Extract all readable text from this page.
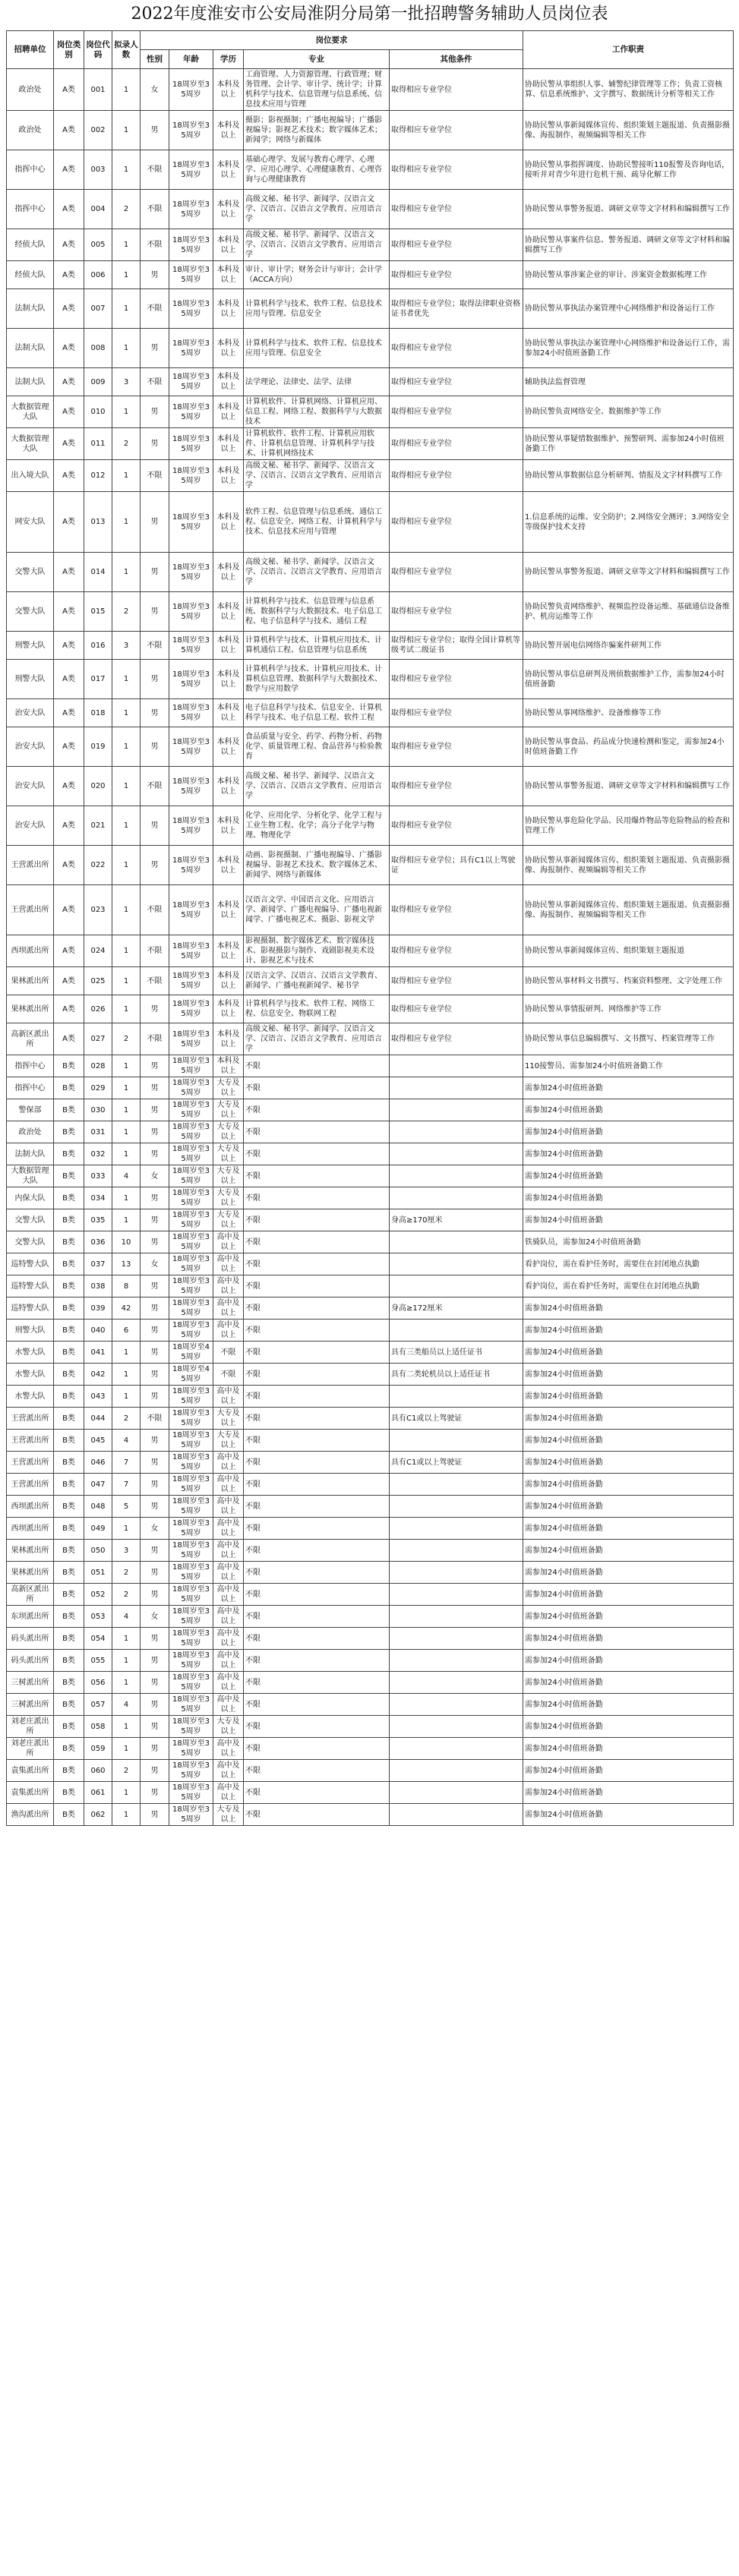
2022年度淮安市公安局淮阴分局第一批招聘警务辅助人员岗位表
招聘单位	岗位类别	岗位代码	拟录人数	岗位要求					工作职责
				性别	年龄	学历	专业	其他条件	
政治处	A类	001	1	女	18周岁至35周岁	本科及以上	工商管理、人力资源管理、行政管理；财务管理、会计学、审计学、统计学；计算机科学与技术、信息管理与信息系统、信息技术应用与管理	取得相应专业学位	协助民警从事组织人事、辅警纪律管理等工作；负责工资核算、信息系统维护、文字撰写、数据统计分析等相关工作
政治处	A类	002	1	男	18周岁至35周岁	本科及以上	摄影；影视摄制；广播电视编导；广播影视编导；影视艺术技术；数字媒体艺术；新闻学；网络与新媒体	取得相应专业学位	协助民警从事新闻媒体宣传、组织策划主题报道、负责摄影摄像、海报制作、视频编辑等相关工作
指挥中心	A类	003	1	不限	18周岁至35周岁	本科及以上	基础心理学、发展与教育心理学、心理学、应用心理学、心理健康教育、心理咨询与心理健康教育	取得相应专业学位	协助民警从事指挥调度、协助民警接听110报警及咨询电话，接听并对青少年进行危机干预、疏导化解工作
指挥中心	A类	004	2	不限	18周岁至35周岁	本科及以上	高级文秘、秘书学、新闻学、汉语言文学、汉语言、汉语言文学教育、应用语言学	取得相应专业学位	协助民警从事警务报道、调研文章等文字材料和编辑撰写工作
经侦大队	A类	005	1	不限	18周岁至35周岁	本科及以上	高级文秘、秘书学、新闻学、汉语言文学、汉语言、汉语言文学教育、应用语言学	取得相应专业学位	协助民警从事案件信息、警务报道、调研文章等文字材料和编辑撰写工作
经侦大队	A类	006	1	男	18周岁至35周岁	本科及以上	审计、审计学；财务会计与审计；会计学（ACCA方向）	取得相应专业学位	协助民警从事涉案企业的审计、涉案资金数据梳理工作
法制大队	A类	007	1	不限	18周岁至35周岁	本科及以上	计算机科学与技术、软件工程、信息技术应用与管理、信息安全	取得相应专业学位；取得法律职业资格证书者优先	协助民警从事执法办案管理中心网络维护和设备运行工作
法制大队	A类	008	1	男	18周岁至35周岁	本科及以上	计算机科学与技术、软件工程、信息技术应用与管理、信息安全	取得相应专业学位	协助民警从事执法办案管理中心网络维护和设备运行工作，需参加24小时值班备勤工作
法制大队	A类	009	3	不限	18周岁至35周岁	本科及以上	法学理论、法律史、法学、法律	取得相应专业学位	辅助执法监督管理
大数据管理大队	A类	010	1	男	18周岁至35周岁	本科及以上	计算机软件、计算机网络、计算机应用、信息工程、网络工程、数据科学与大数据技术	取得相应专业学位	协助民警负责网络安全、数据维护等工作
大数据管理大队	A类	011	2	男	18周岁至35周岁	本科及以上	计算机软件、软件工程、计算机应用软件、计算机信息管理、计算机科学与技术、计算机网络技术	取得相应专业学位	协助民警从事疑情数据维护、预警研判、需参加24小时值班备勤工作
出入境大队	A类	012	1	不限	18周岁至35周岁	本科及以上	高级文秘、秘书学、新闻学、汉语言文学、汉语言、汉语言文学教育、应用语言学	取得相应专业学位	协助民警从事数据信息分析研判、情报及文字材料撰写工作
网安大队	A类	013	1	男	18周岁至35周岁	本科及以上	软件工程、信息管理与信息系统、通信工程、信息安全、网络工程、计算机科学与技术、信息技术应用与管理	取得相应专业学位	1.信息系统的运维、安全防护；2.网络安全测评；3.网络安全等级保护技术支持
交警大队	A类	014	1	男	18周岁至35周岁	本科及以上	高级文秘、秘书学、新闻学、汉语言文学、汉语言、汉语言文学教育、应用语言学	取得相应专业学位	协助民警从事警务报道、调研文章等文字材料和编辑撰写工作
交警大队	A类	015	2	男	18周岁至35周岁	本科及以上	计算机科学与技术、信息管理与信息系统、数据科学与大数据技术、电子信息工程、电子信息科学与技术、通信工程	取得相应专业学位	协助民警负责网络维护、视频监控设备运维、基础通信设备维护、机房运维等工作
刑警大队	A类	016	3	不限	18周岁至35周岁	本科及以上	计算机科学与技术、计算机应用技术、计算机通信工程、信息管理与信息系统	取得相应专业学位；取得全国计算机等级考试二级证书	协助民警开展电信网络诈骗案件研判工作
刑警大队	A类	017	1	男	18周岁至35周岁	本科及以上	计算机科学与技术、计算机应用技术、计算机信息管理、数据科学与大数据技术、数学与应用数学	取得相应专业学位	协助民警从事信息研判及刑侦数据维护工作，需参加24小时值班备勤
治安大队	A类	018	1	男	18周岁至35周岁	本科及以上	电子信息科学与技术、信息安全、计算机科学与技术、电子信息工程、软件工程	取得相应专业学位	协助民警从事网络维护、设备维修等工作
治安大队	A类	019	1	男	18周岁至35周岁	本科及以上	食品质量与安全、药学、药物分析、药物化学、质量管理工程、食品营养与检验教育	取得相应专业学位	协助民警从事食品、药品成分快速检测和鉴定，需参加24小时值班备勤工作
治安大队	A类	020	1	不限	18周岁至35周岁	本科及以上	高级文秘、秘书学、新闻学、汉语言文学、汉语言、汉语言文学教育、应用语言学	取得相应专业学位	协助民警从事警务报道、调研文章等文字材料和编辑撰写工作
治安大队	A类	021	1	男	18周岁至35周岁	本科及以上	化学、应用化学、分析化学、化学工程与工业生物工程、化学；高分子化学与物理、物理化学	取得相应专业学位	协助民警从事危险化学品、民用爆炸物品等危险物品的检查和管理工作
王营派出所	A类	022	1	男	18周岁至35周岁	本科及以上	动画、影视摄制、广播电视编导、广播影视编导、影视艺术技术、数字媒体艺术、新闻学、网络与新媒体	取得相应专业学位；具有C1以上驾驶证	协助民警从事新闻媒体宣传、组织策划主题报道、负责摄影摄像、海报制作、视频编辑等相关工作
王营派出所	A类	023	1	不限	18周岁至35周岁	本科及以上	汉语言文学、中国语言文化、应用语言学、新闻学、广播电视编导、广播电视新闻学、广播电视艺术、摄影、影视文学	取得相应专业学位	协助民警从事新闻媒体宣传、组织策划主题报道、负责摄影摄像、海报制作、视频编辑等相关工作
西坝派出所	A类	024	1	不限	18周岁至35周岁	本科及以上	影视摄制、数字媒体艺术、数字媒体技术、影视摄影与制作、戏剧影视美术设计、影视艺术与技术	取得相应专业学位	协助民警从事新闻媒体宣传、组织策划主题报道
果林派出所	A类	025	1	不限	18周岁至35周岁	本科及以上	汉语言文学、汉语言、汉语言文学教育、新闻学、广播电视新闻学、秘书学	取得相应专业学位	协助民警从事材料文书撰写、档案资料整理、文字处理工作
果林派出所	A类	026	1	男	18周岁至35周岁	本科及以上	计算机科学与技术、软件工程、网络工程、信息安全、物联网工程	取得相应专业学位	协助民警从事情报研判、网络维护等工作
高新区派出所	A类	027	2	不限	18周岁至35周岁	本科及以上	高级文秘、秘书学、新闻学、汉语言文学、汉语言、汉语言文学教育、应用语言学	取得相应专业学位	协助民警从事信息编辑撰写、文书撰写、档案管理等工作
指挥中心	B类	028	1	男	18周岁至35周岁	本科及以上	不限		110接警员、需参加24小时值班备勤工作
指挥中心	B类	029	1	男	18周岁至35周岁	大专及以上	不限		需参加24小时值班备勤
警保部	B类	030	1	男	18周岁至35周岁	大专及以上	不限		需参加24小时值班备勤
政治处	B类	031	1	男	18周岁至35周岁	大专及以上	不限		需参加24小时值班备勤
法制大队	B类	032	1	男	18周岁至35周岁	大专及以上	不限		需参加24小时值班备勤
大数据管理大队	B类	033	4	女	18周岁至35周岁	大专及以上	不限		需参加24小时值班备勤
内保大队	B类	034	1	男	18周岁至35周岁	大专及以上	不限		需参加24小时值班备勤
交警大队	B类	035	1	男	18周岁至35周岁	大专及以上	不限	身高≥170厘米	需参加24小时值班备勤
交警大队	B类	036	10	男	18周岁至35周岁	高中及以上	不限		铁骑队员，需参加24小时值班备勤
巡特警大队	B类	037	13	女	18周岁至35周岁	高中及以上	不限		看护岗位，需在看护任务时，需要住在封闭地点执勤
巡特警大队	B类	038	8	男	18周岁至35周岁	高中及以上	不限		看护岗位，需在看护任务时，需要住在封闭地点执勤
巡特警大队	B类	039	42	男	18周岁至35周岁	高中及以上	不限	身高≥172厘米	需参加24小时值班备勤
刑警大队	B类	040	6	男	18周岁至35周岁	高中及以上	不限		需参加24小时值班备勤
水警大队	B类	041	1	男	18周岁至45周岁	不限	不限	具有三类船员以上适任证书	需参加24小时值班备勤
水警大队	B类	042	1	男	18周岁至45周岁	不限	不限	具有二类轮机员以上适任证书	需参加24小时值班备勤
水警大队	B类	043	1	男	18周岁至35周岁	高中及以上	不限		需参加24小时值班备勤
王营派出所	B类	044	2	不限	18周岁至35周岁	大专及以上	不限	具有C1或以上驾驶证	需参加24小时值班备勤
王营派出所	B类	045	4	男	18周岁至35周岁	大专及以上	不限		需参加24小时值班备勤
王营派出所	B类	046	7	男	18周岁至35周岁	高中及以上	不限	具有C1或以上驾驶证	需参加24小时值班备勤
王营派出所	B类	047	7	男	18周岁至35周岁	高中及以上	不限		需参加24小时值班备勤
西坝派出所	B类	048	5	男	18周岁至35周岁	高中及以上	不限		需参加24小时值班备勤
西坝派出所	B类	049	1	女	18周岁至35周岁	高中及以上	不限		需参加24小时值班备勤
果林派出所	B类	050	3	男	18周岁至35周岁	高中及以上	不限		需参加24小时值班备勤
果林派出所	B类	051	2	男	18周岁至35周岁	高中及以上	不限		需参加24小时值班备勤
高新区派出所	B类	052	2	男	18周岁至35周岁	高中及以上	不限		需参加24小时值班备勤
东坝派出所	B类	053	4	女	18周岁至35周岁	高中及以上	不限		需参加24小时值班备勤
码头派出所	B类	054	1	男	18周岁至35周岁	高中及以上	不限		需参加24小时值班备勤
码头派出所	B类	055	1	男	18周岁至35周岁	高中及以上	不限		需参加24小时值班备勤
三树派出所	B类	056	1	男	18周岁至35周岁	高中及以上	不限		需参加24小时值班备勤
三树派出所	B类	057	4	男	18周岁至35周岁	高中及以上	不限		需参加24小时值班备勤
刘老庄派出所	B类	058	1	男	18周岁至35周岁	大专及以上	不限		需参加24小时值班备勤
刘老庄派出所	B类	059	1	男	18周岁至35周岁	高中及以上	不限		需参加24小时值班备勤
袁集派出所	B类	060	2	男	18周岁至35周岁	高中及以上	不限		需参加24小时值班备勤
袁集派出所	B类	061	1	男	18周岁至35周岁	高中及以上	不限		需参加24小时值班备勤
渔沟派出所	B类	062	1	男	18周岁至35周岁	大专及以上	不限		需参加24小时值班备勤
